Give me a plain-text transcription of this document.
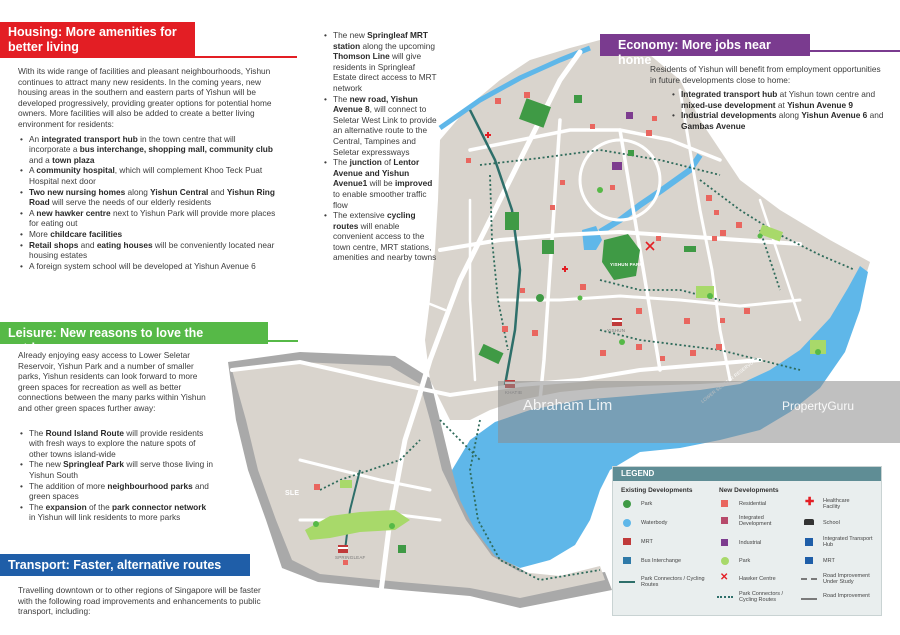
YISHUN PARK
YISHUN
SPRINGLEAF
SLE
Housing: More amenities for
better living

With its wide range of facilities and pleasant neighbourhoods, Yishun continues to attract many new residents. In the coming years, new housing areas in the southern and eastern parts of Yishun will be developed progressively, providing greater options for potential home owners. More facilities will also be added to create a better living environment for residents:

• An integrated transport hub in the town centre that will incorporate a bus interchange, shopping mall, community club and a town plaza
• A community hospital, which will complement Khoo Teck Puat Hospital next door
• Two new nursing homes along Yishun Central and Yishun Ring Road will serve the needs of our elderly residents
• A new hawker centre next to Yishun Park will provide more places for eating out
• More childcare facilities
• Retail shops and eating houses will be conveniently located near housing estates
• A foreign system school will be developed at Yishun Avenue 6
Leisure: New reasons to love the outdoors

Already enjoying easy access to Lower Seletar Reservoir, Yishun Park and a number of smaller parks, Yishun residents can look forward to more green spaces for recreation as well as better connections between the many parks within Yishun and other green spaces further away:

• The Round Island Route will provide residents with fresh ways to explore the nature spots of other towns island-wide
• The new Springleaf Park will serve those living in Yishun South
• The addition of more neighbourhood parks and green spaces
• The expansion of the park connector network in Yishun will link residents to more parks
Transport: Faster, alternative routes
Travelling downtown or to other regions of Singapore will be faster with the following road improvements and enhancements to public transport, including:
• The new Springleaf MRT station along the upcoming Thomson Line will give residents in Springleaf Estate direct access to MRT network
• The new road, Yishun Avenue 8, will connect to Seletar West Link to provide an alternative route to the Central, Tampines and Seletar expressways
• The junction of Lentor Avenue and Yishun Avenue1 will be improved to enable smoother traffic flow
• The extensive cycling routes will enable convenient access to the town centre, MRT stations, amenities and nearby towns
Economy: More jobs near home

Residents of Yishun will benefit from employment opportunities in future developments close to home:

• Integrated transport hub at Yishun town centre and mixed-use development at Yishun Avenue 9
• Industrial developments along Yishun Avenue 6 and Gambas Avenue
Abraham Lim	PropertyGuru
LEGEND
Existing Developments	New Developments
Park
Waterbody
MRT
Bus Interchange
Park Connectors / Cycling Routes
Residential
Integrated Development
Industrial
Park
✕ Hawker Centre
Park Connectors / Cycling Routes
✚ Healthcare Facility
School
Integrated Transport Hub
MRT
Road Improvement Under Study
Road Improvement
